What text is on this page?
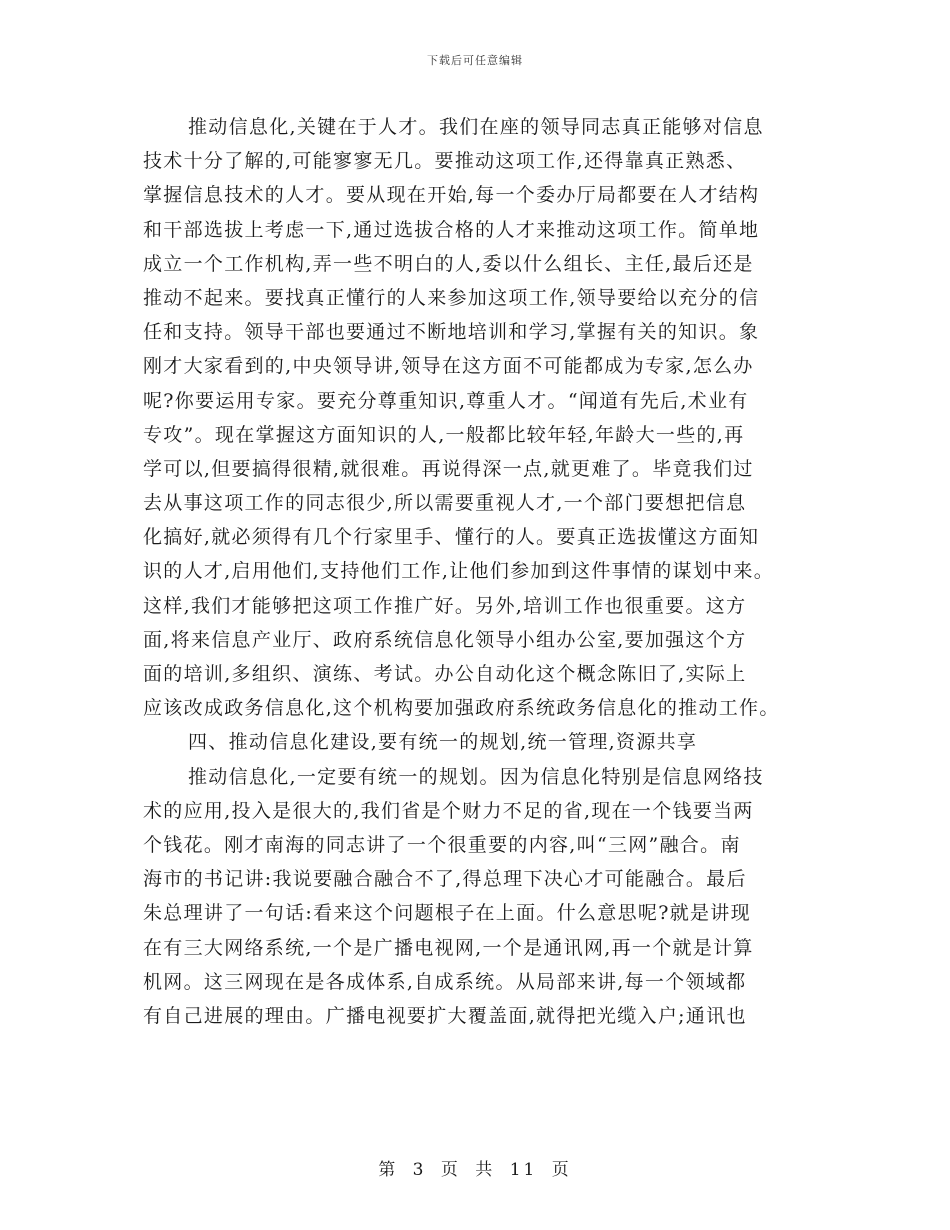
下载后可任意编辑
推动信息化,关键在于人才。我们在座的领导同志真正能够对信息
技术十分了解的,可能寥寥无几。要推动这项工作,还得靠真正熟悉、
掌握信息技术的人才。要从现在开始,每一个委办厅局都要在人才结构
和干部选拔上考虑一下,通过选拔合格的人才来推动这项工作。简单地
成立一个工作机构,弄一些不明白的人,委以什么组长、主任,最后还是
推动不起来。要找真正懂行的人来参加这项工作,领导要给以充分的信
任和支持。领导干部也要通过不断地培训和学习,掌握有关的知识。象
刚才大家看到的,中央领导讲,领导在这方面不可能都成为专家,怎么办
呢?你要运用专家。要充分尊重知识,尊重人才。“闻道有先后,术业有
专攻”。现在掌握这方面知识的人,一般都比较年轻,年龄大一些的,再
学可以,但要搞得很精,就很难。再说得深一点,就更难了。毕竟我们过
去从事这项工作的同志很少,所以需要重视人才,一个部门要想把信息
化搞好,就必须得有几个行家里手、懂行的人。要真正选拔懂这方面知
识的人才,启用他们,支持他们工作,让他们参加到这件事情的谋划中来。
这样,我们才能够把这项工作推广好。另外,培训工作也很重要。这方
面,将来信息产业厅、政府系统信息化领导小组办公室,要加强这个方
面的培训,多组织、演练、考试。办公自动化这个概念陈旧了,实际上
应该改成政务信息化,这个机构要加强政府系统政务信息化的推动工作。
四、推动信息化建设,要有统一的规划,统一管理,资源共享
推动信息化,一定要有统一的规划。因为信息化特别是信息网络技
术的应用,投入是很大的,我们省是个财力不足的省,现在一个钱要当两
个钱花。刚才南海的同志讲了一个很重要的内容,叫“三网”融合。南
海市的书记讲:我说要融合融合不了,得总理下决心才可能融合。最后
朱总理讲了一句话:看来这个问题根子在上面。什么意思呢?就是讲现
在有三大网络系统,一个是广播电视网,一个是通讯网,再一个就是计算
机网。这三网现在是各成体系,自成系统。从局部来讲,每一个领域都
有自己进展的理由。广播电视要扩大覆盖面,就得把光缆入户;通讯也
第 3 页 共 11 页
